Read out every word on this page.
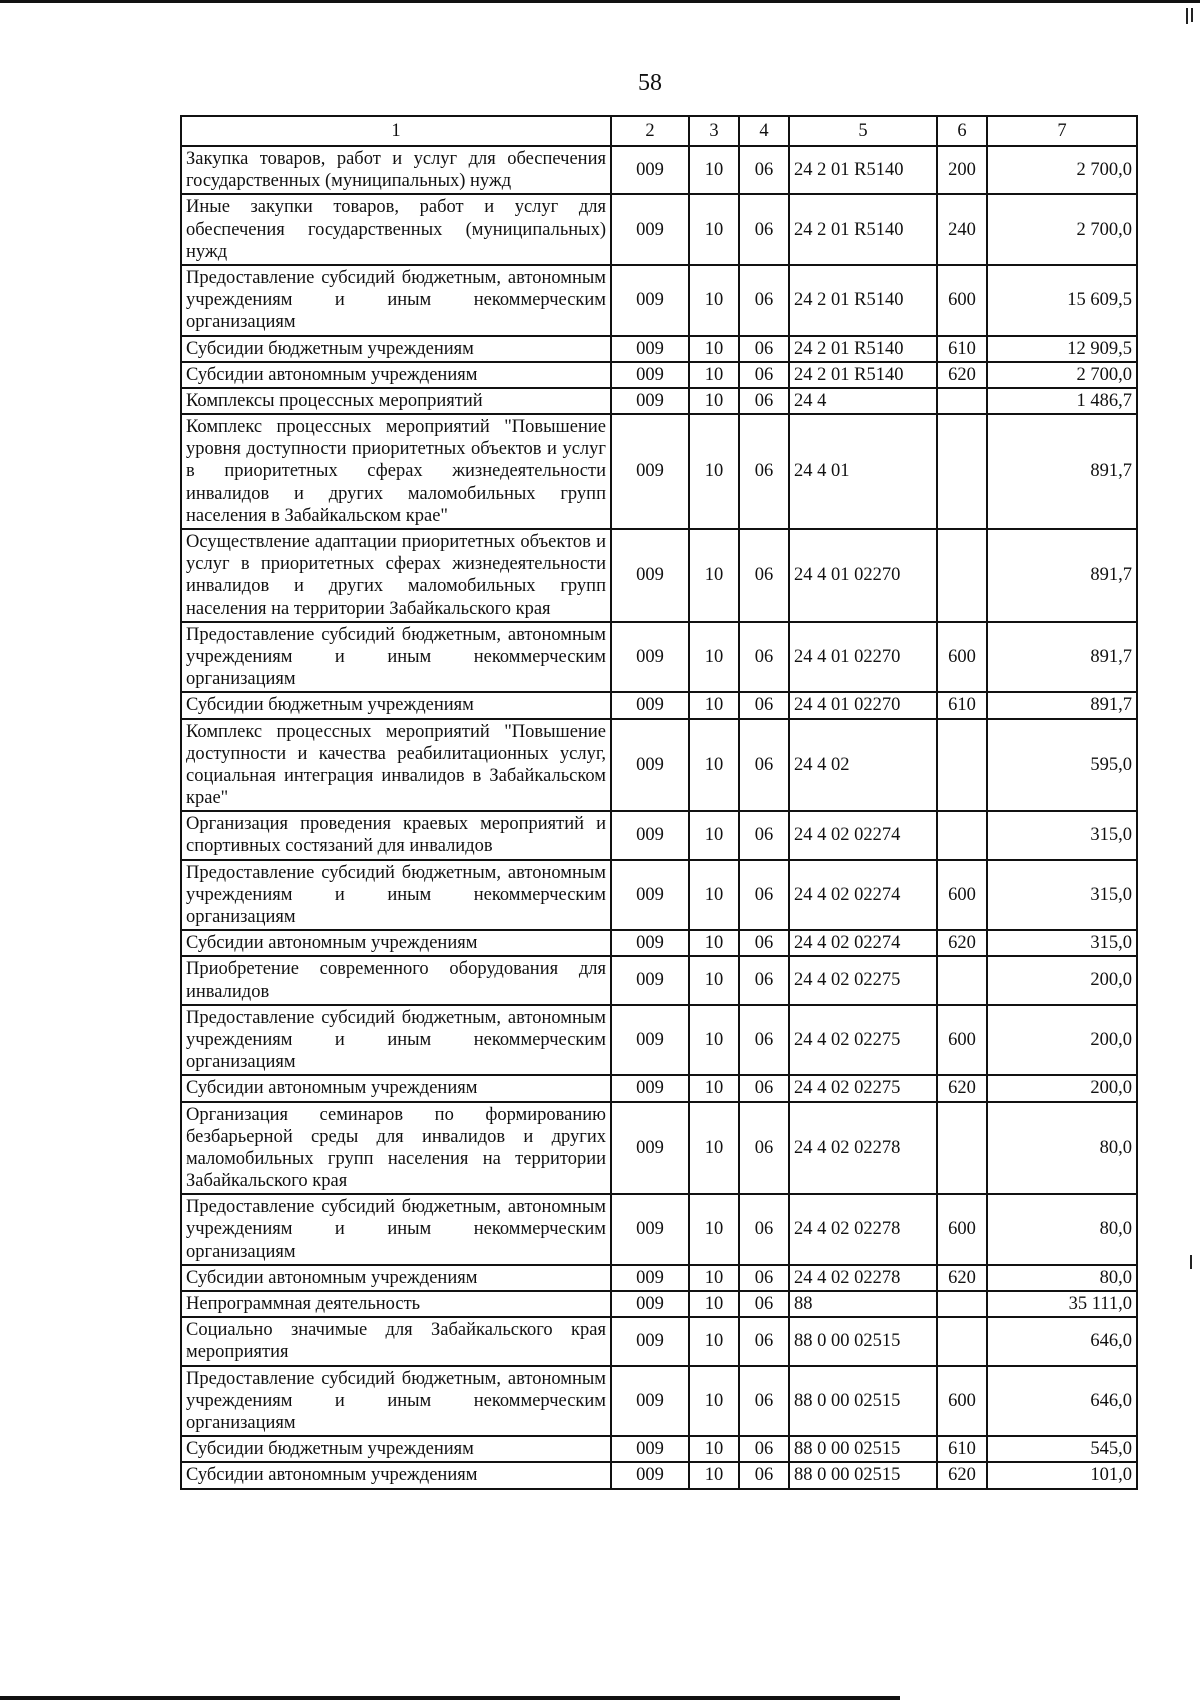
58
1	2	3	4	5	6	7
Закупка товаров, работ и услуг для обеспечения государственных (муниципальных) нужд	009	10	06	24 2 01 R5140	200	2 700,0
Иные закупки товаров, работ и услуг для обеспечения государственных (муниципальных) нужд	009	10	06	24 2 01 R5140	240	2 700,0
Предоставление субсидий бюджетным, автономным учреждениям и иным некоммерческим организациям	009	10	06	24 2 01 R5140	600	15 609,5
Субсидии бюджетным учреждениям	009	10	06	24 2 01 R5140	610	12 909,5
Субсидии автономным учреждениям	009	10	06	24 2 01 R5140	620	2 700,0
Комплексы процессных мероприятий	009	10	06	24 4		1 486,7
Комплекс процессных мероприятий "Повышение уровня доступности приоритетных объектов и услуг в приоритетных сферах жизнедеятельности инвалидов и других маломобильных групп населения в Забайкальском крае"	009	10	06	24 4 01		891,7
Осуществление адаптации приоритетных объектов и услуг в приоритетных сферах жизнедеятельности инвалидов и других маломобильных групп населения на территории Забайкальского края	009	10	06	24 4 01 02270		891,7
Предоставление субсидий бюджетным, автономным учреждениям и иным некоммерческим организациям	009	10	06	24 4 01 02270	600	891,7
Субсидии бюджетным учреждениям	009	10	06	24 4 01 02270	610	891,7
Комплекс процессных мероприятий "Повышение доступности и качества реабилитационных услуг, социальная интеграция инвалидов в Забайкальском крае"	009	10	06	24 4 02		595,0
Организация проведения краевых мероприятий и спортивных состязаний для инвалидов	009	10	06	24 4 02 02274		315,0
Предоставление субсидий бюджетным, автономным учреждениям и иным некоммерческим организациям	009	10	06	24 4 02 02274	600	315,0
Субсидии автономным учреждениям	009	10	06	24 4 02 02274	620	315,0
Приобретение современного оборудования для инвалидов	009	10	06	24 4 02 02275		200,0
Предоставление субсидий бюджетным, автономным учреждениям и иным некоммерческим организациям	009	10	06	24 4 02 02275	600	200,0
Субсидии автономным учреждениям	009	10	06	24 4 02 02275	620	200,0
Организация семинаров по формированию безбарьерной среды для инвалидов и других маломобильных групп населения на территории Забайкальского края	009	10	06	24 4 02 02278		80,0
Предоставление субсидий бюджетным, автономным учреждениям и иным некоммерческим организациям	009	10	06	24 4 02 02278	600	80,0
Субсидии автономным учреждениям	009	10	06	24 4 02 02278	620	80,0
Непрограммная деятельность	009	10	06	88		35 111,0
Социально значимые для Забайкальского края мероприятия	009	10	06	88 0 00 02515		646,0
Предоставление субсидий бюджетным, автономным учреждениям и иным некоммерческим организациям	009	10	06	88 0 00 02515	600	646,0
Субсидии бюджетным учреждениям	009	10	06	88 0 00 02515	610	545,0
Субсидии автономным учреждениям	009	10	06	88 0 00 02515	620	101,0
